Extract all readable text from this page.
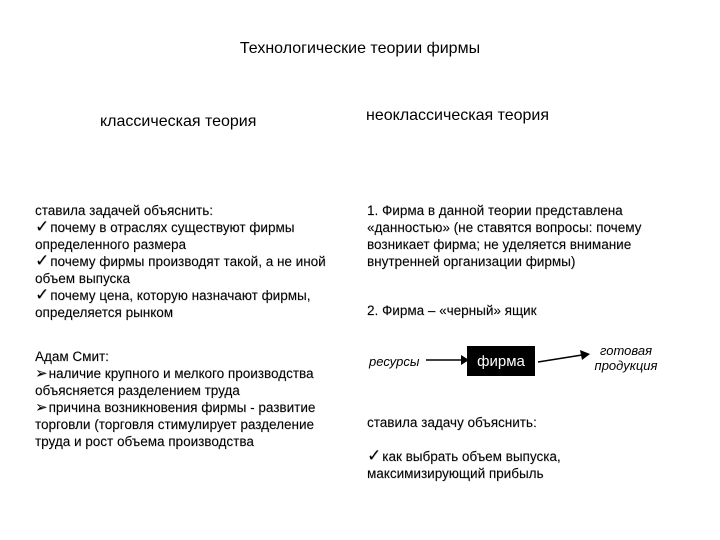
Технологические теории фирмы
классическая теория	неоклассическая теория

ставила задачей объяснить:

✓почему в отраслях существуют фирмы определенного размера

✓почему фирмы производят такой, а не иной объем выпуска

✓почему цена, которую назначают фирмы, определяется рынком

Адам Смит:

➢наличие крупного и мелкого производства объясняется разделением труда

➢причина возникновения фирмы - развитие торговли (торговля стимулирует разделение труда и рост объема производства

1. Фирма в данной теории представлена «данностью» (не ставятся вопросы: почему возникает фирма; не уделяется внимание внутренней организации фирмы)
2. Фирма – «черный» ящик
ресурсы	фирма
готовая продукция
ставила задачу объяснить:
✓как выбрать объем выпуска, максимизирующий прибыль
